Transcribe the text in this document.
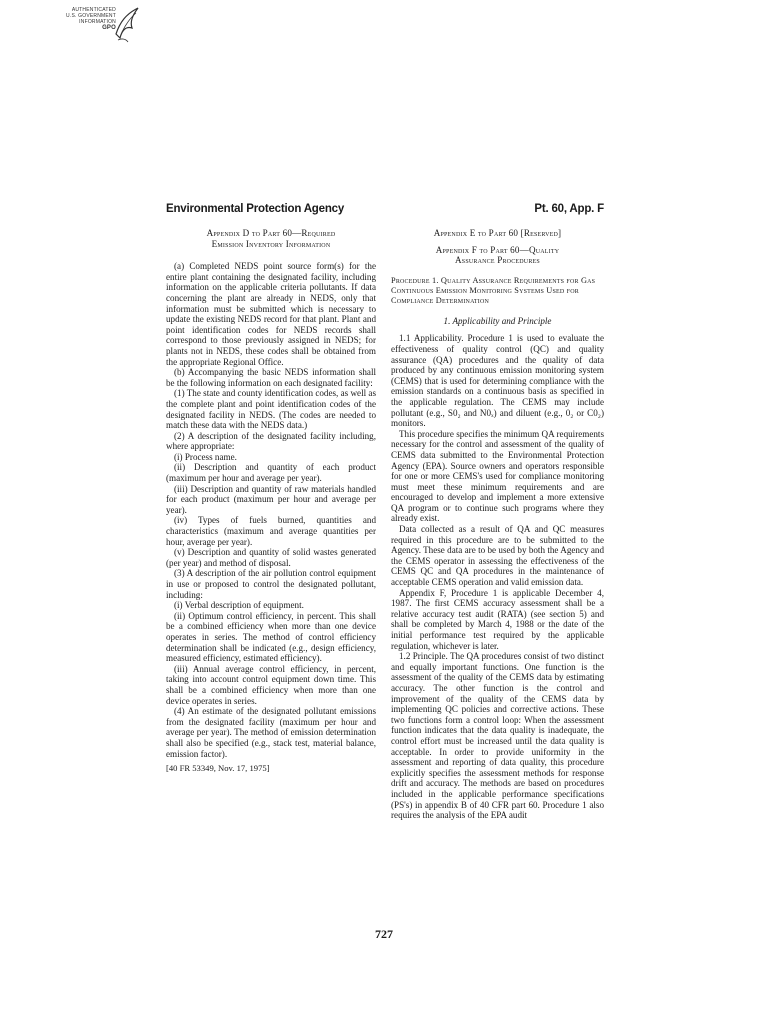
AUTHENTICATED
U.S. GOVERNMENT
INFORMATION
GPO
Environmental Protection Agency	Pt. 60, App. F

Appendix D to Part 60—Required
Emission Inventory Information

(a) Completed NEDS point source form(s) for the entire plant containing the designated facility, including information on the applicable criteria pollutants. If data concerning the plant are already in NEDS, only that information must be submitted which is necessary to update the existing NEDS record for that plant. Plant and point identification codes for NEDS records shall correspond to those previously assigned in NEDS; for plants not in NEDS, these codes shall be obtained from the appropriate Regional Office.

(b) Accompanying the basic NEDS information shall be the following information on each designated facility:

(1) The state and county identification codes, as well as the complete plant and point identification codes of the designated facility in NEDS. (The codes are needed to match these data with the NEDS data.)

(2) A description of the designated facility including, where appropriate:

(i) Process name.

(ii) Description and quantity of each product (maximum per hour and average per year).

(iii) Description and quantity of raw materials handled for each product (maximum per hour and average per year).

(iv) Types of fuels burned, quantities and characteristics (maximum and average quantities per hour, average per year).

(v) Description and quantity of solid wastes generated (per year) and method of disposal.

(3) A description of the air pollution control equipment in use or proposed to control the designated pollutant, including:

(i) Verbal description of equipment.

(ii) Optimum control efficiency, in percent. This shall be a combined efficiency when more than one device operates in series. The method of control efficiency determination shall be indicated (e.g., design efficiency, measured efficiency, estimated efficiency).

(iii) Annual average control efficiency, in percent, taking into account control equipment down time. This shall be a combined efficiency when more than one device operates in series.

(4) An estimate of the designated pollutant emissions from the designated facility (maximum per hour and average per year). The method of emission determination shall also be specified (e.g., stack test, material balance, emission factor).

[40 FR 53349, Nov. 17, 1975]

Appendix E to Part 60 [Reserved]

Appendix F to Part 60—Quality
Assurance Procedures

Procedure 1. Quality Assurance Requirements for Gas Continuous Emission Monitoring Systems Used for Compliance Determination

1. Applicability and Principle

1.1 Applicability. Procedure 1 is used to evaluate the effectiveness of quality control (QC) and quality assurance (QA) procedures and the quality of data produced by any continuous emission monitoring system (CEMS) that is used for determining compliance with the emission standards on a continuous basis as specified in the applicable regulation. The CEMS may include pollutant (e.g., S0₂ and N0ₓ) and diluent (e.g., 0₂ or C0₂) monitors.

This procedure specifies the minimum QA requirements necessary for the control and assessment of the quality of CEMS data submitted to the Environmental Protection Agency (EPA). Source owners and operators responsible for one or more CEMS's used for compliance monitoring must meet these minimum requirements and are encouraged to develop and implement a more extensive QA program or to continue such programs where they already exist.

Data collected as a result of QA and QC measures required in this procedure are to be submitted to the Agency. These data are to be used by both the Agency and the CEMS operator in assessing the effectiveness of the CEMS QC and QA procedures in the maintenance of acceptable CEMS operation and valid emission data.

Appendix F, Procedure 1 is applicable December 4, 1987. The first CEMS accuracy assessment shall be a relative accuracy test audit (RATA) (see section 5) and shall be completed by March 4, 1988 or the date of the initial performance test required by the applicable regulation, whichever is later.

1.2 Principle. The QA procedures consist of two distinct and equally important functions. One function is the assessment of the quality of the CEMS data by estimating accuracy. The other function is the control and improvement of the quality of the CEMS data by implementing QC policies and corrective actions. These two functions form a control loop: When the assessment function indicates that the data quality is inadequate, the control effort must be increased until the data quality is acceptable. In order to provide uniformity in the assessment and reporting of data quality, this procedure explicitly specifies the assessment methods for response drift and accuracy. The methods are based on procedures included in the applicable performance specifications (PS's) in appendix B of 40 CFR part 60. Procedure 1 also requires the analysis of the EPA audit

727
